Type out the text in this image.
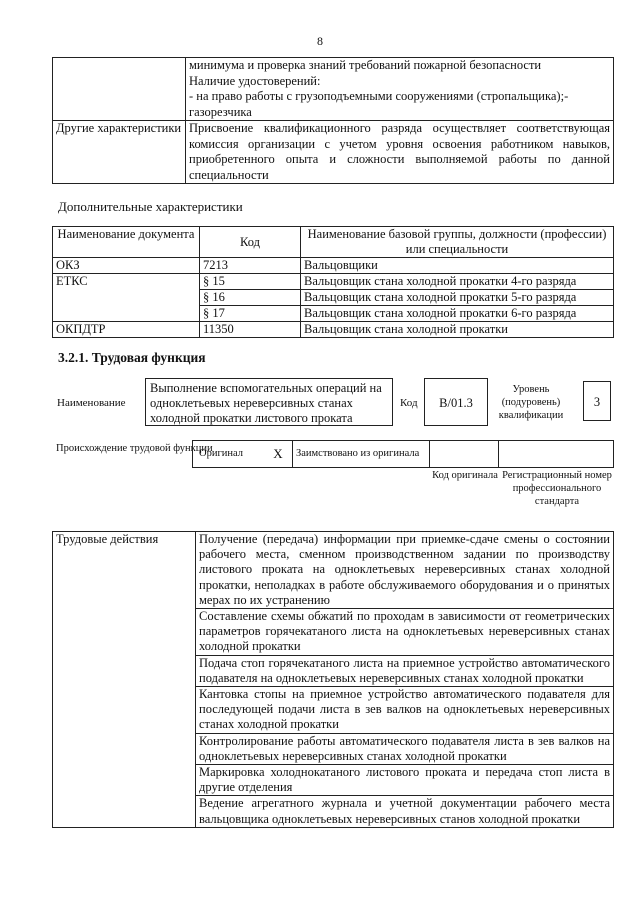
8

	минимума и проверка знаний требований пожарной безопасности
Наличие удостоверений:
- на право работы с грузоподъемными сооружениями (стропальщика);-
газорезчика

Другие характеристики	Присвоение квалификационного разряда осуществляет соответствующая комиссия организации с учетом уровня освоения работником навыков, приобретенного опыта и сложности выполняемой работы по данной специальности
Дополнительные характеристики
Наименование документа	Код	Наименование базовой группы, должности (профессии) или специальности
ОКЗ	7213	Вальцовщики
ЕТКС	§ 15	Вальцовщик стана холодной прокатки 4-го разряда
	§ 16	Вальцовщик стана холодной прокатки 5-го разряда
	§ 17	Вальцовщик стана холодной прокатки 6-го разряда
ОКПДТР	11350	Вальцовщик стана холодной прокатки
3.2.1. Трудовая функция
Наименование
Выполнение вспомогательных операций на одноклетьевых нереверсивных станах холодной прокатки листового проката
Код	B/01.3
Уровень (подуровень) квалификации
3
Происхождение трудовой функции
Оригинал	X	Заимствовано из оригинала		
Код оригинала Регистрационный номер профессионального стандарта
Трудовые действия	Получение (передача) информации при приемке-сдаче смены о состоянии рабочего места, сменном производственном задании по производству листового проката на одноклетьевых нереверсивных станах холодной прокатки, неполадках в работе обслуживаемого оборудования и о принятых мерах по их устранению
Составление схемы обжатий по проходам в зависимости от геометрических параметров горячекатаного листа на одноклетьевых нереверсивных станах холодной прокатки
Подача стоп горячекатаного листа на приемное устройство автоматического подавателя на одноклетьевых нереверсивных станах холодной прокатки
Кантовка стопы на приемное устройство автоматического подавателя для последующей подачи листа в зев валков на одноклетьевых нереверсивных станах холодной прокатки
Контролирование работы автоматического подавателя листа в зев валков на одноклетьевых нереверсивных станах холодной прокатки
Маркировка холоднокатаного листового проката и передача стоп листа в другие отделения
Ведение агрегатного журнала и учетной документации рабочего места вальцовщика одноклетьевых нереверсивных станов холодной прокатки
